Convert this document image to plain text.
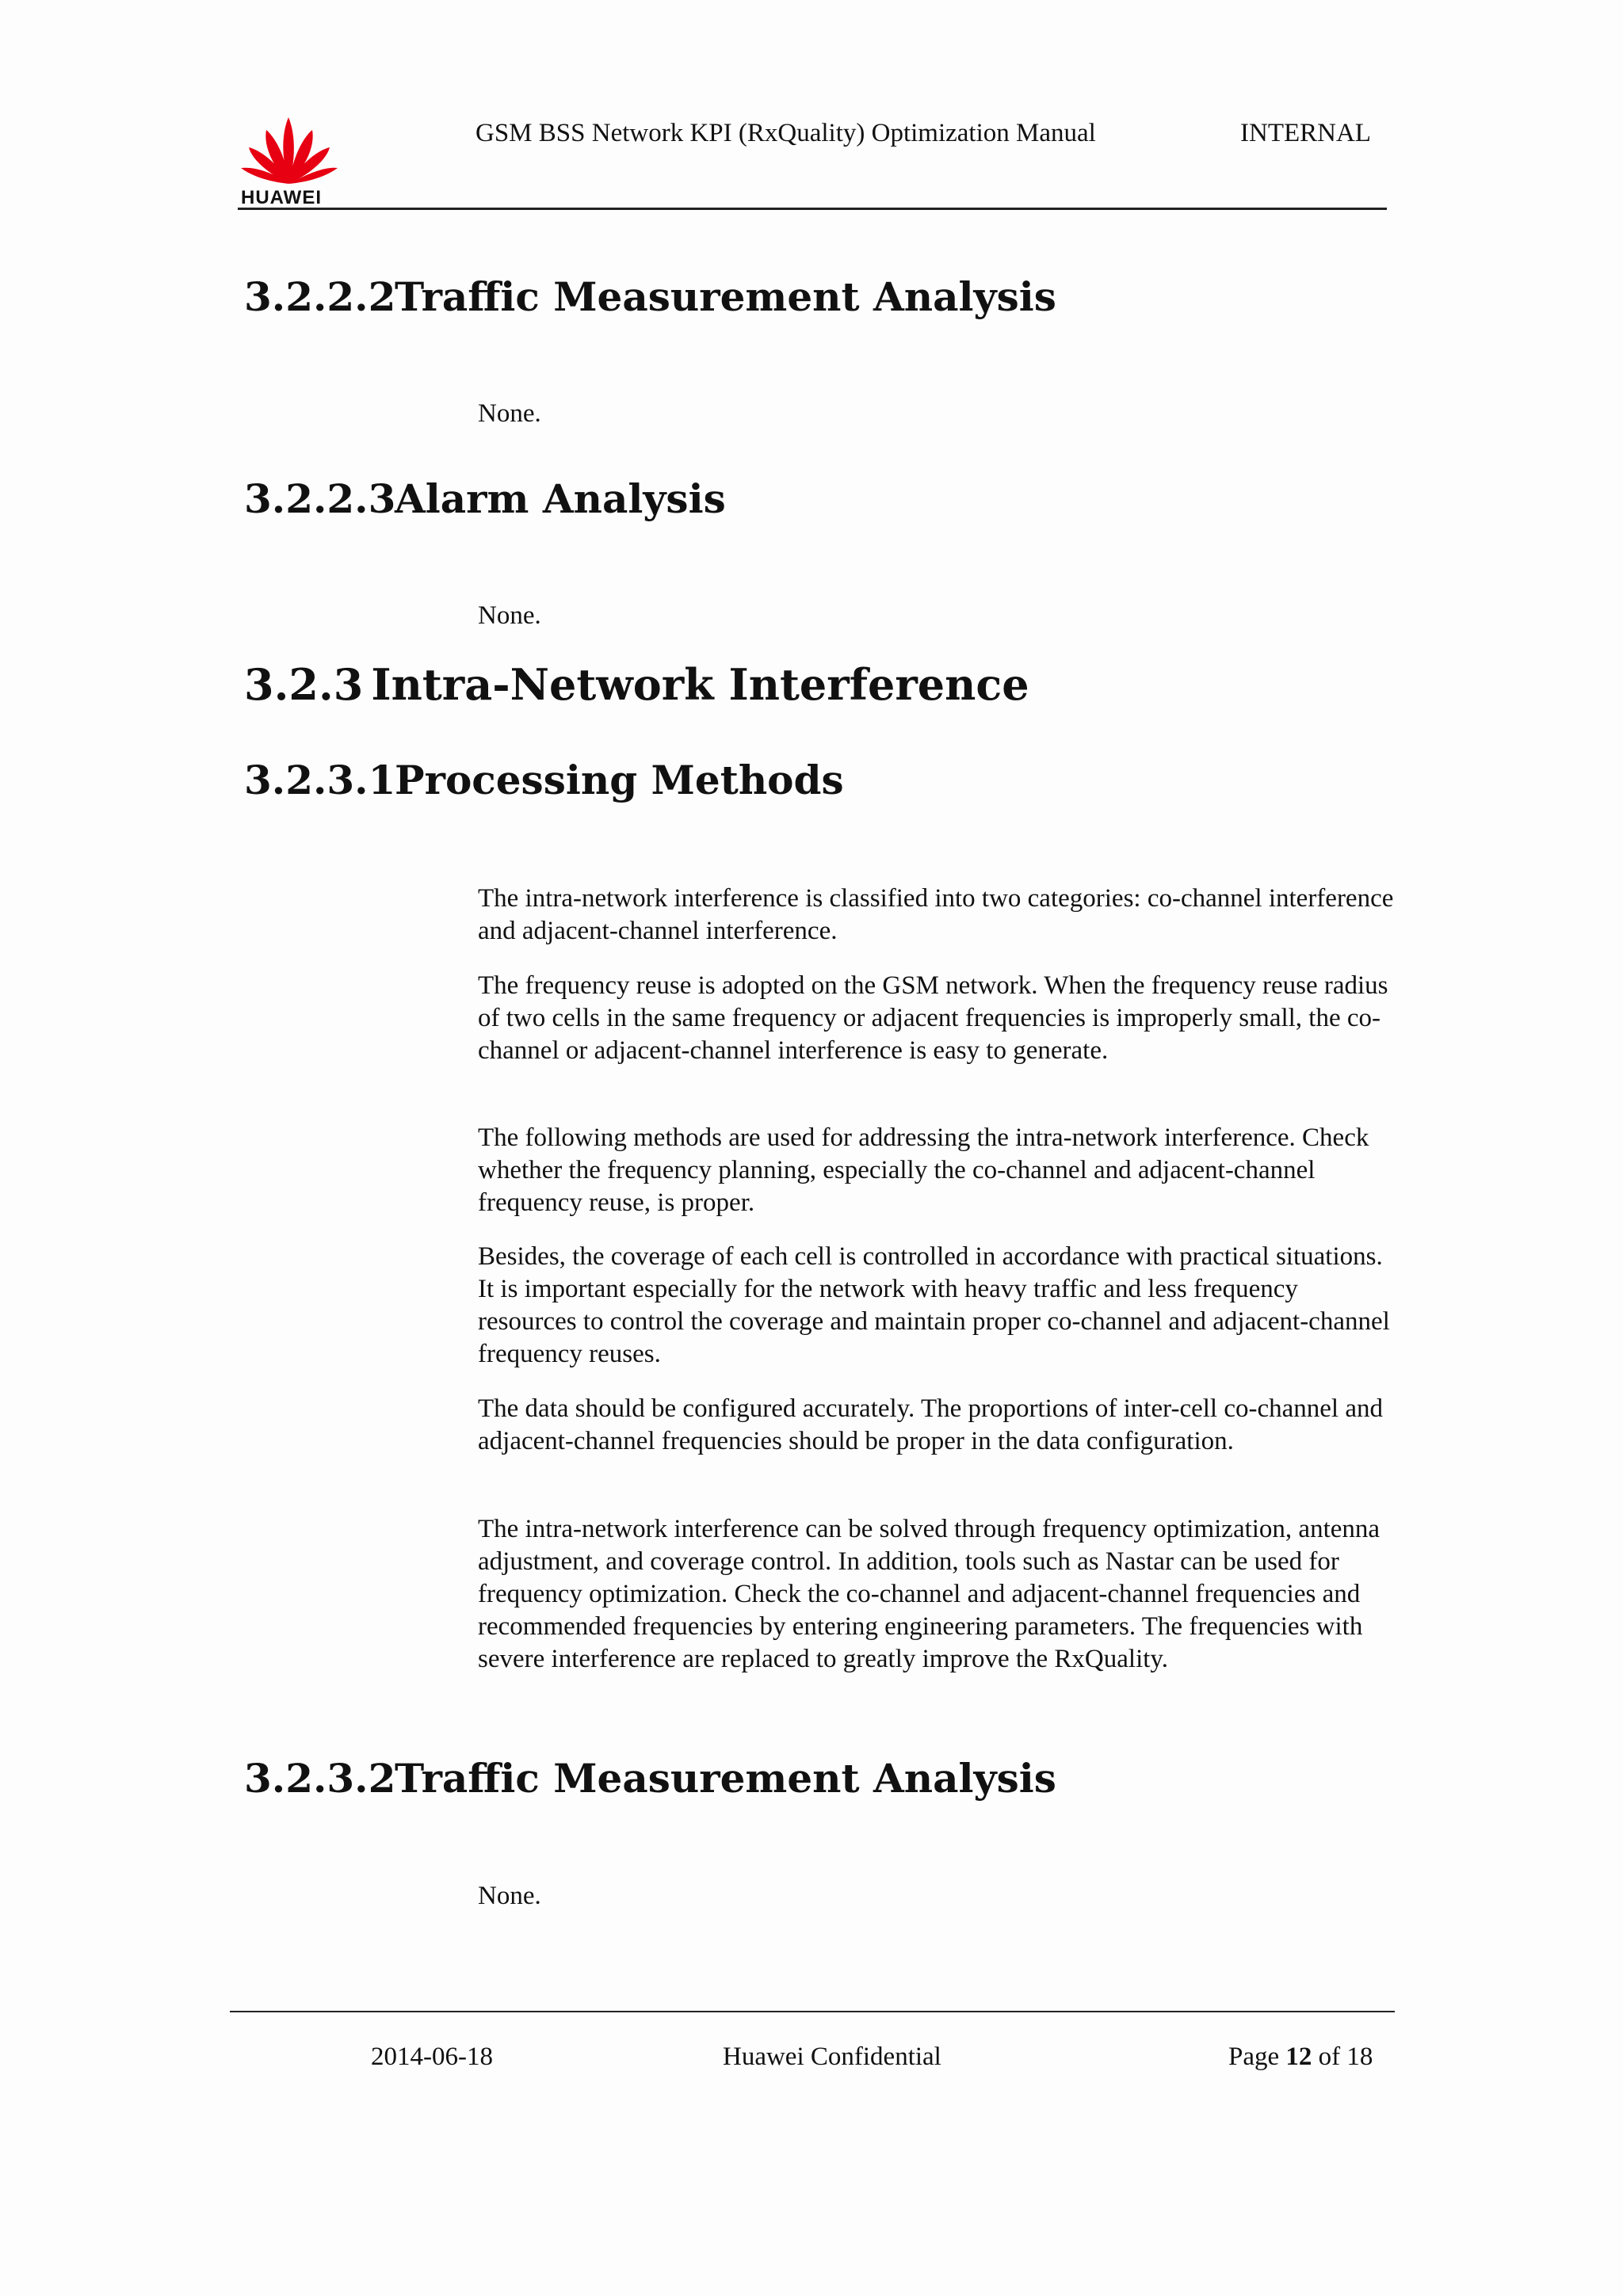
HUAWEI
GSM BSS Network KPI (RxQuality) Optimization Manual	INTERNAL
3.2.2.2Traffic Measurement Analysis
None.
3.2.2.3Alarm Analysis
None.
3.2.3 Intra-Network Interference
3.2.3.1Processing Methods
The intra-network interference is classified into two categories: co-channel interference and adjacent-channel interference.
The frequency reuse is adopted on the GSM network. When the frequency reuse radius of two cells in the same frequency or adjacent frequencies is improperly small, the co-channel or adjacent-channel interference is easy to generate.
The following methods are used for addressing the intra-network interference. Check whether the frequency planning, especially the co-channel and adjacent-channel frequency reuse, is proper.
Besides, the coverage of each cell is controlled in accordance with practical situations. It is important especially for the network with heavy traffic and less frequency resources to control the coverage and maintain proper co-channel and adjacent-channel frequency reuses.
The data should be configured accurately. The proportions of inter-cell co-channel and adjacent-channel frequencies should be proper in the data configuration.
The intra-network interference can be solved through frequency optimization, antenna adjustment, and coverage control. In addition, tools such as Nastar can be used for frequency optimization. Check the co-channel and adjacent-channel frequencies and recommended frequencies by entering engineering parameters. The frequencies with severe interference are replaced to greatly improve the RxQuality.
3.2.3.2Traffic Measurement Analysis
None.
2014-06-18	Huawei Confidential	Page 12 of 18
